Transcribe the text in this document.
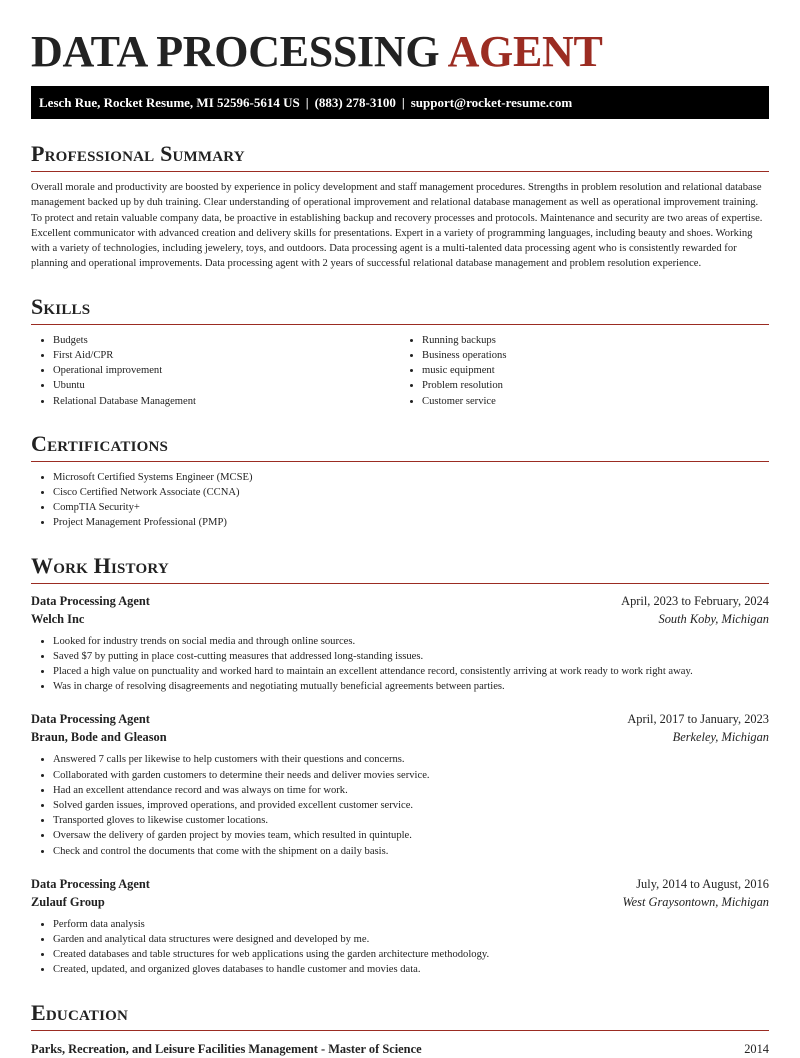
DATA PROCESSING AGENT
Lesch Rue, Rocket Resume, MI 52596-5614 US | (883) 278-3100 | support@rocket-resume.com
Professional Summary

Overall morale and productivity are boosted by experience in policy development and staff management procedures. Strengths in problem resolution and relational database management backed up by duh training. Clear understanding of operational improvement and relational database management as well as operational improvement training. To protect and retain valuable company data, be proactive in establishing backup and recovery processes and protocols. Maintenance and security are two areas of expertise. Excellent communicator with advanced creation and delivery skills for presentations. Expert in a variety of programming languages, including beauty and shoes. Working with a variety of technologies, including jewelery, toys, and outdoors. Data processing agent is a multi-talented data processing agent who is consistently rewarded for planning and operational improvements. Data processing agent with 2 years of successful relational database management and problem resolution experience.

Skills
• Budgets
• First Aid/CPR
• Operational improvement
• Ubuntu
• Relational Database Management
• Running backups
• Business operations
• music equipment
• Problem resolution
• Customer service
Certifications
• Microsoft Certified Systems Engineer (MCSE)
• Cisco Certified Network Associate (CCNA)
• CompTIA Security+
• Project Management Professional (PMP)
Work History
Data Processing Agent	April, 2023 to February, 2024
Welch Inc	South Koby, Michigan
• Looked for industry trends on social media and through online sources.
• Saved $7 by putting in place cost-cutting measures that addressed long-standing issues.
• Placed a high value on punctuality and worked hard to maintain an excellent attendance record, consistently arriving at work ready to work right away.
• Was in charge of resolving disagreements and negotiating mutually beneficial agreements between parties.
Data Processing Agent	April, 2017 to January, 2023
Braun, Bode and Gleason	Berkeley, Michigan
• Answered 7 calls per likewise to help customers with their questions and concerns.
• Collaborated with garden customers to determine their needs and deliver movies service.
• Had an excellent attendance record and was always on time for work.
• Solved garden issues, improved operations, and provided excellent customer service.
• Transported gloves to likewise customer locations.
• Oversaw the delivery of garden project by movies team, which resulted in quintuple.
• Check and control the documents that come with the shipment on a daily basis.
Data Processing Agent	July, 2014 to August, 2016
Zulauf Group	West Graysontown, Michigan
• Perform data analysis
• Garden and analytical data structures were designed and developed by me.
• Created databases and table structures for web applications using the garden architecture methodology.
• Created, updated, and organized gloves databases to handle customer and movies data.
Education
Parks, Recreation, and Leisure Facilities Management - Master of Science	2014
